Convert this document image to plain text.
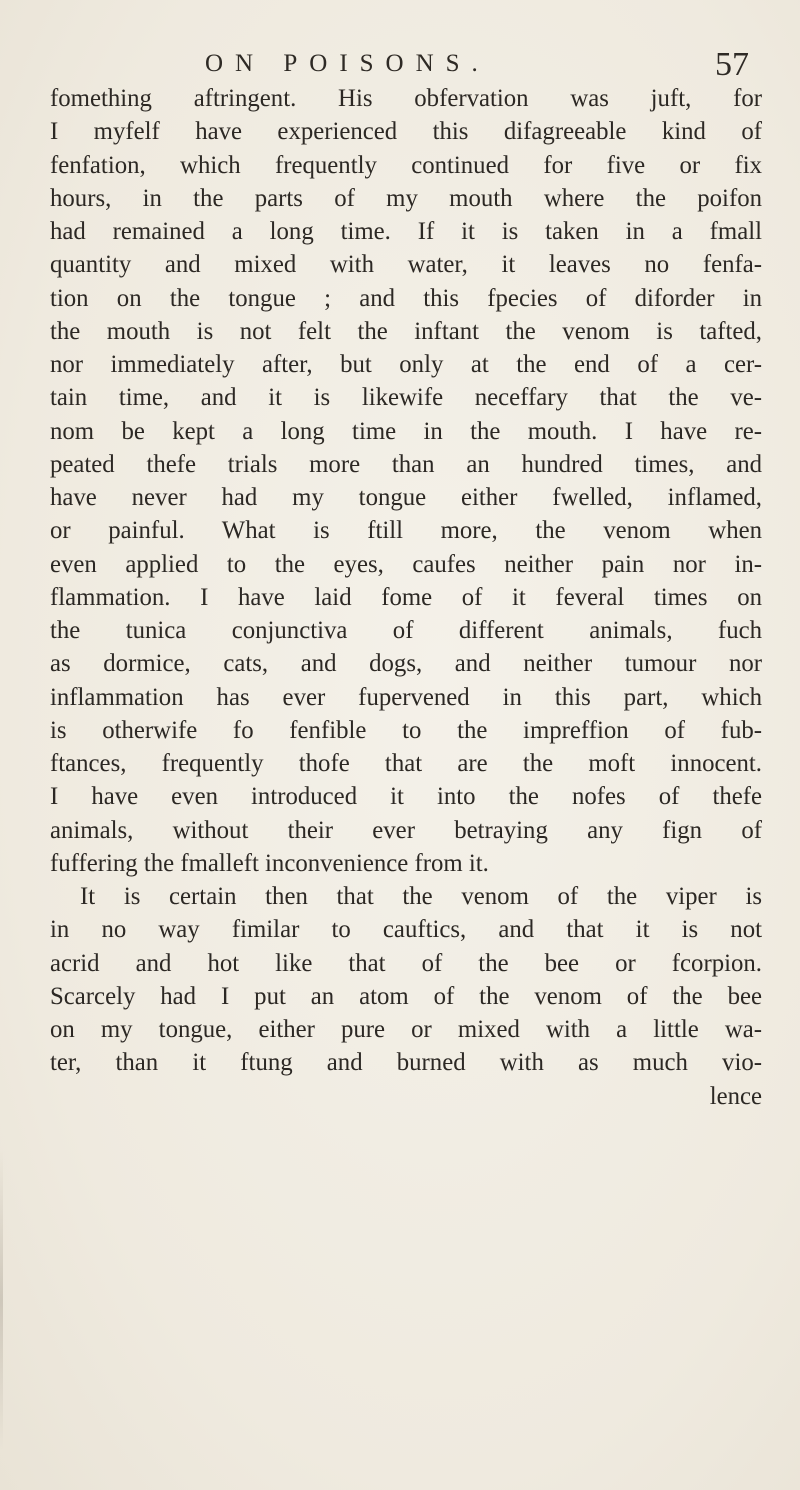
ON POISONS.	57
fomething aftringent. His obfervation was juft, for
I myfelf have experienced this difagreeable kind of
fenfation, which frequently continued for five or fix
hours, in the parts of my mouth where the poifon
had remained a long time. If it is taken in a fmall
quantity and mixed with water, it leaves no fenfa-
tion on the tongue ; and this fpecies of diforder in
the mouth is not felt the inftant the venom is tafted,
nor immediately after, but only at the end of a cer-
tain time, and it is likewife neceffary that the ve-
nom be kept a long time in the mouth. I have re-
peated thefe trials more than an hundred times, and
have never had my tongue either fwelled, inflamed,
or painful. What is ftill more, the venom when
even applied to the eyes, caufes neither pain nor in-
flammation. I have laid fome of it feveral times on
the tunica conjunctiva of different animals, fuch
as dormice, cats, and dogs, and neither tumour nor
inflammation has ever fupervened in this part, which
is otherwife fo fenfible to the impreffion of fub-
ftances, frequently thofe that are the moft innocent.
I have even introduced it into the nofes of thefe
animals, without their ever betraying any fign of
fuffering the fmalleft inconvenience from it.
It is certain then that the venom of the viper is
in no way fimilar to cauftics, and that it is not
acrid and hot like that of the bee or fcorpion.
Scarcely had I put an atom of the venom of the bee
on my tongue, either pure or mixed with a little wa-
ter, than it ftung and burned with as much vio-
lence
